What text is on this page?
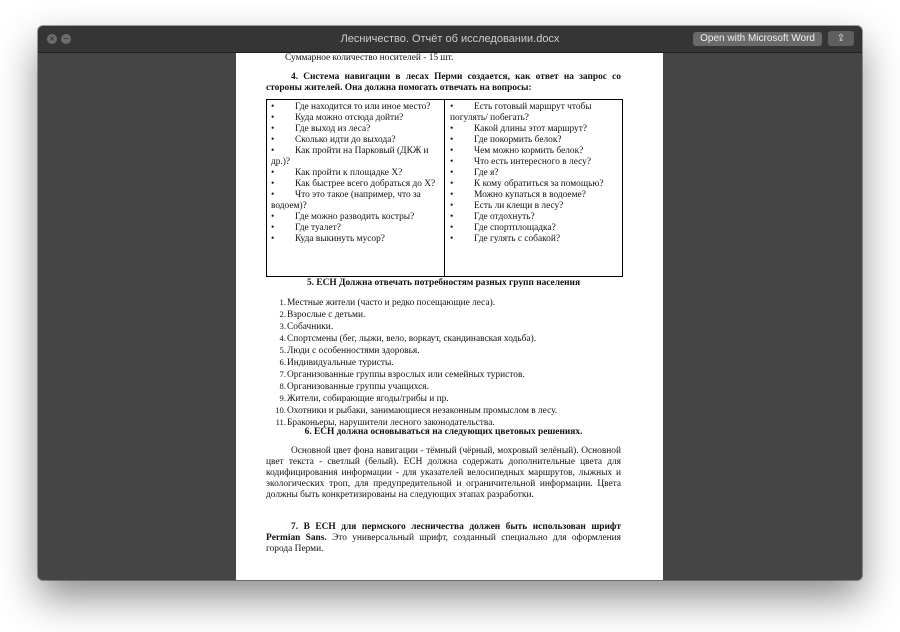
× −	Лесничество. Отчёт об исследовании.docx	Open with Microsoft Word	⇪

Суммарное количество носителей - 15 шт.

4. Система навигации в лесах Перми создается, как ответ на запрос со стороны жителей. Она должна помогать отвечать на вопросы:

• Где находится то или иное место?
• Куда можно отсюда дойти?
• Где выход из леса?
• Сколько идти до выхода?
• Как пройти на Парковый (ДКЖ и др.)?
• Как пройти к площадке Х?
• Как быстрее всего добраться до Х?
• Что это такое (например, что за водоем)?
• Где можно разводить костры?
• Где туалет?
• Куда выкинуть мусор?
• Есть готовый маршрут чтобы погулять/ побегать?
• Какой длины этот маршрут?
• Где покормить белок?
• Чем можно кормить белок?
• Что есть интересного в лесу?
• Где я?
• К кому обратиться за помощью?
• Можно купаться в водоеме?
• Есть ли клещи в лесу?
• Где отдохнуть?
• Где спортплощадка?
• Где гулять с собакой?

5. ЕСН Должна отвечать потребностям разных групп населения

1.Местные жители (часто и редко посещающие леса).
2.Взрослые с детьми.
3.Собачники.
4.Спортсмены (бег, лыжи, вело, воркаут, скандинавская ходьба).
5.Люди с особенностями здоровья.
6.Индивидуальные туристы.
7.Организованные группы взрослых или семейных туристов.
8.Организованные группы учащихся.
9.Жители, собирающие ягоды/грибы и пр.
10.Охотники и рыбаки, занимающиеся незаконным промыслом в лесу.
11.Браконьеры, нарушители лесного законодательства.

6. ЕСН должна основываться на следующих цветовых решениях.

Основной цвет фона навигации - тёмный (чёрный, мохровый зелёный). Основной цвет текста - светлый (белый). ЕСН должна содержать дополнительные цвета для кодифицирования информации - для указателей велосипедных маршрутов, лыжных и экологических троп, для предупредительной и ограничительной информации. Цвета должны быть конкретизированы на следующих этапах разработки.

7. В ЕСН для пермского лесничества должен быть использован шрифт Permian Sans. Это универсальный шрифт, созданный специально для оформления города Перми.
